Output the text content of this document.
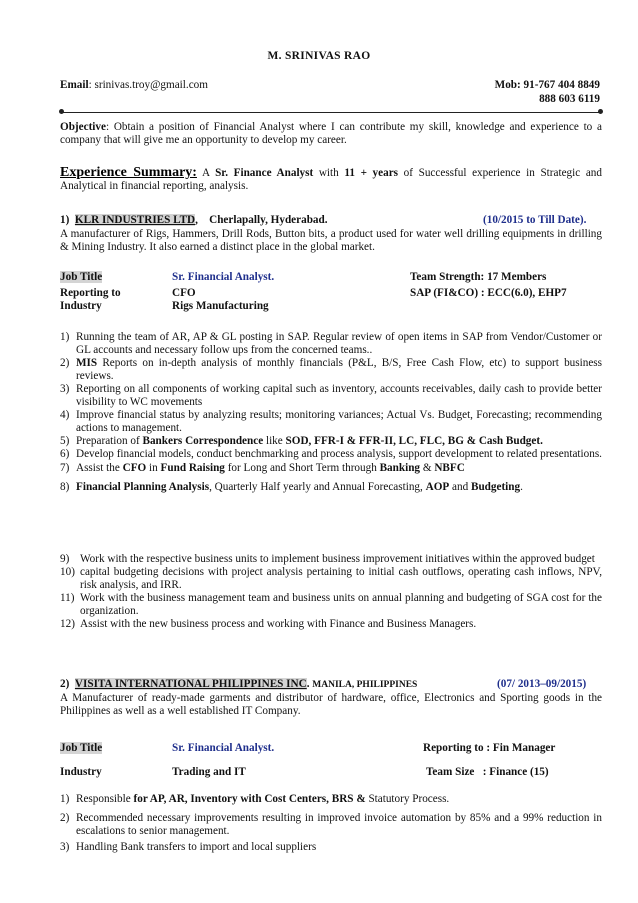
M. SRINIVAS RAO
Email: srinivas.troy@gmail.com	Mob: 91-767 404 8849
888 603 6119
Objective: Obtain a position of Financial Analyst where I can contribute my skill, knowledge and experience to a company that will give me an opportunity to develop my career.
Experience Summary: A Sr. Finance Analyst with 11 + years of Successful experience in Strategic and Analytical in financial reporting, analysis.
1) KLR INDUSTRIES LTD, Cherlapally, Hyderabad.	(10/2015 to Till Date).
A manufacturer of Rigs, Hammers, Drill Rods, Button bits, a product used for water well drilling equipments in drilling & Mining Industry. It also earned a distinct place in the global market.
Job Title	Sr. Financial Analyst.	Team Strength: 17 Members
Reporting to	CFO	SAP (FI&CO) : ECC(6.0), EHP7
Industry	Rigs Manufacturing
1) Running the team of AR, AP & GL posting in SAP. Regular review of open items in SAP from Vendor/Customer or GL accounts and necessary follow ups from the concerned teams..
2) MIS Reports on in-depth analysis of monthly financials (P&L, B/S, Free Cash Flow, etc) to support business reviews.
3) Reporting on all components of working capital such as inventory, accounts receivables, daily cash to provide better visibility to WC movements
4) Improve financial status by analyzing results; monitoring variances; Actual Vs. Budget, Forecasting; recommending actions to management.
5) Preparation of Bankers Correspondence like SOD, FFR-I & FFR-II, LC, FLC, BG & Cash Budget.
6) Develop financial models, conduct benchmarking and process analysis, support development to related presentations.
7) Assist the CFO in Fund Raising for Long and Short Term through Banking & NBFC
8) Financial Planning Analysis, Quarterly Half yearly and Annual Forecasting, AOP and Budgeting.
9) Work with the respective business units to implement business improvement initiatives within the approved budget
10) capital budgeting decisions with project analysis pertaining to initial cash outflows, operating cash inflows, NPV, risk analysis, and IRR.
11) Work with the business management team and business units on annual planning and budgeting of SGA cost for the organization.
12) Assist with the new business process and working with Finance and Business Managers.
2) VISITA INTERNATIONAL PHILIPPINES INC. MANILA, PHILIPPINES	(07/ 2013–09/2015)
A Manufacturer of ready-made garments and distributor of hardware, office, Electronics and Sporting goods in the Philippines as well as a well established IT Company.
Job Title	Sr. Financial Analyst.	Reporting to : Fin Manager
Industry	Trading and IT	Team Size   : Finance (15)
1) Responsible for AP, AR, Inventory with Cost Centers, BRS & Statutory Process.
2) Recommended necessary improvements resulting in improved invoice automation by 85% and a 99% reduction in escalations to senior management.
3) Handling Bank transfers to import and local suppliers
